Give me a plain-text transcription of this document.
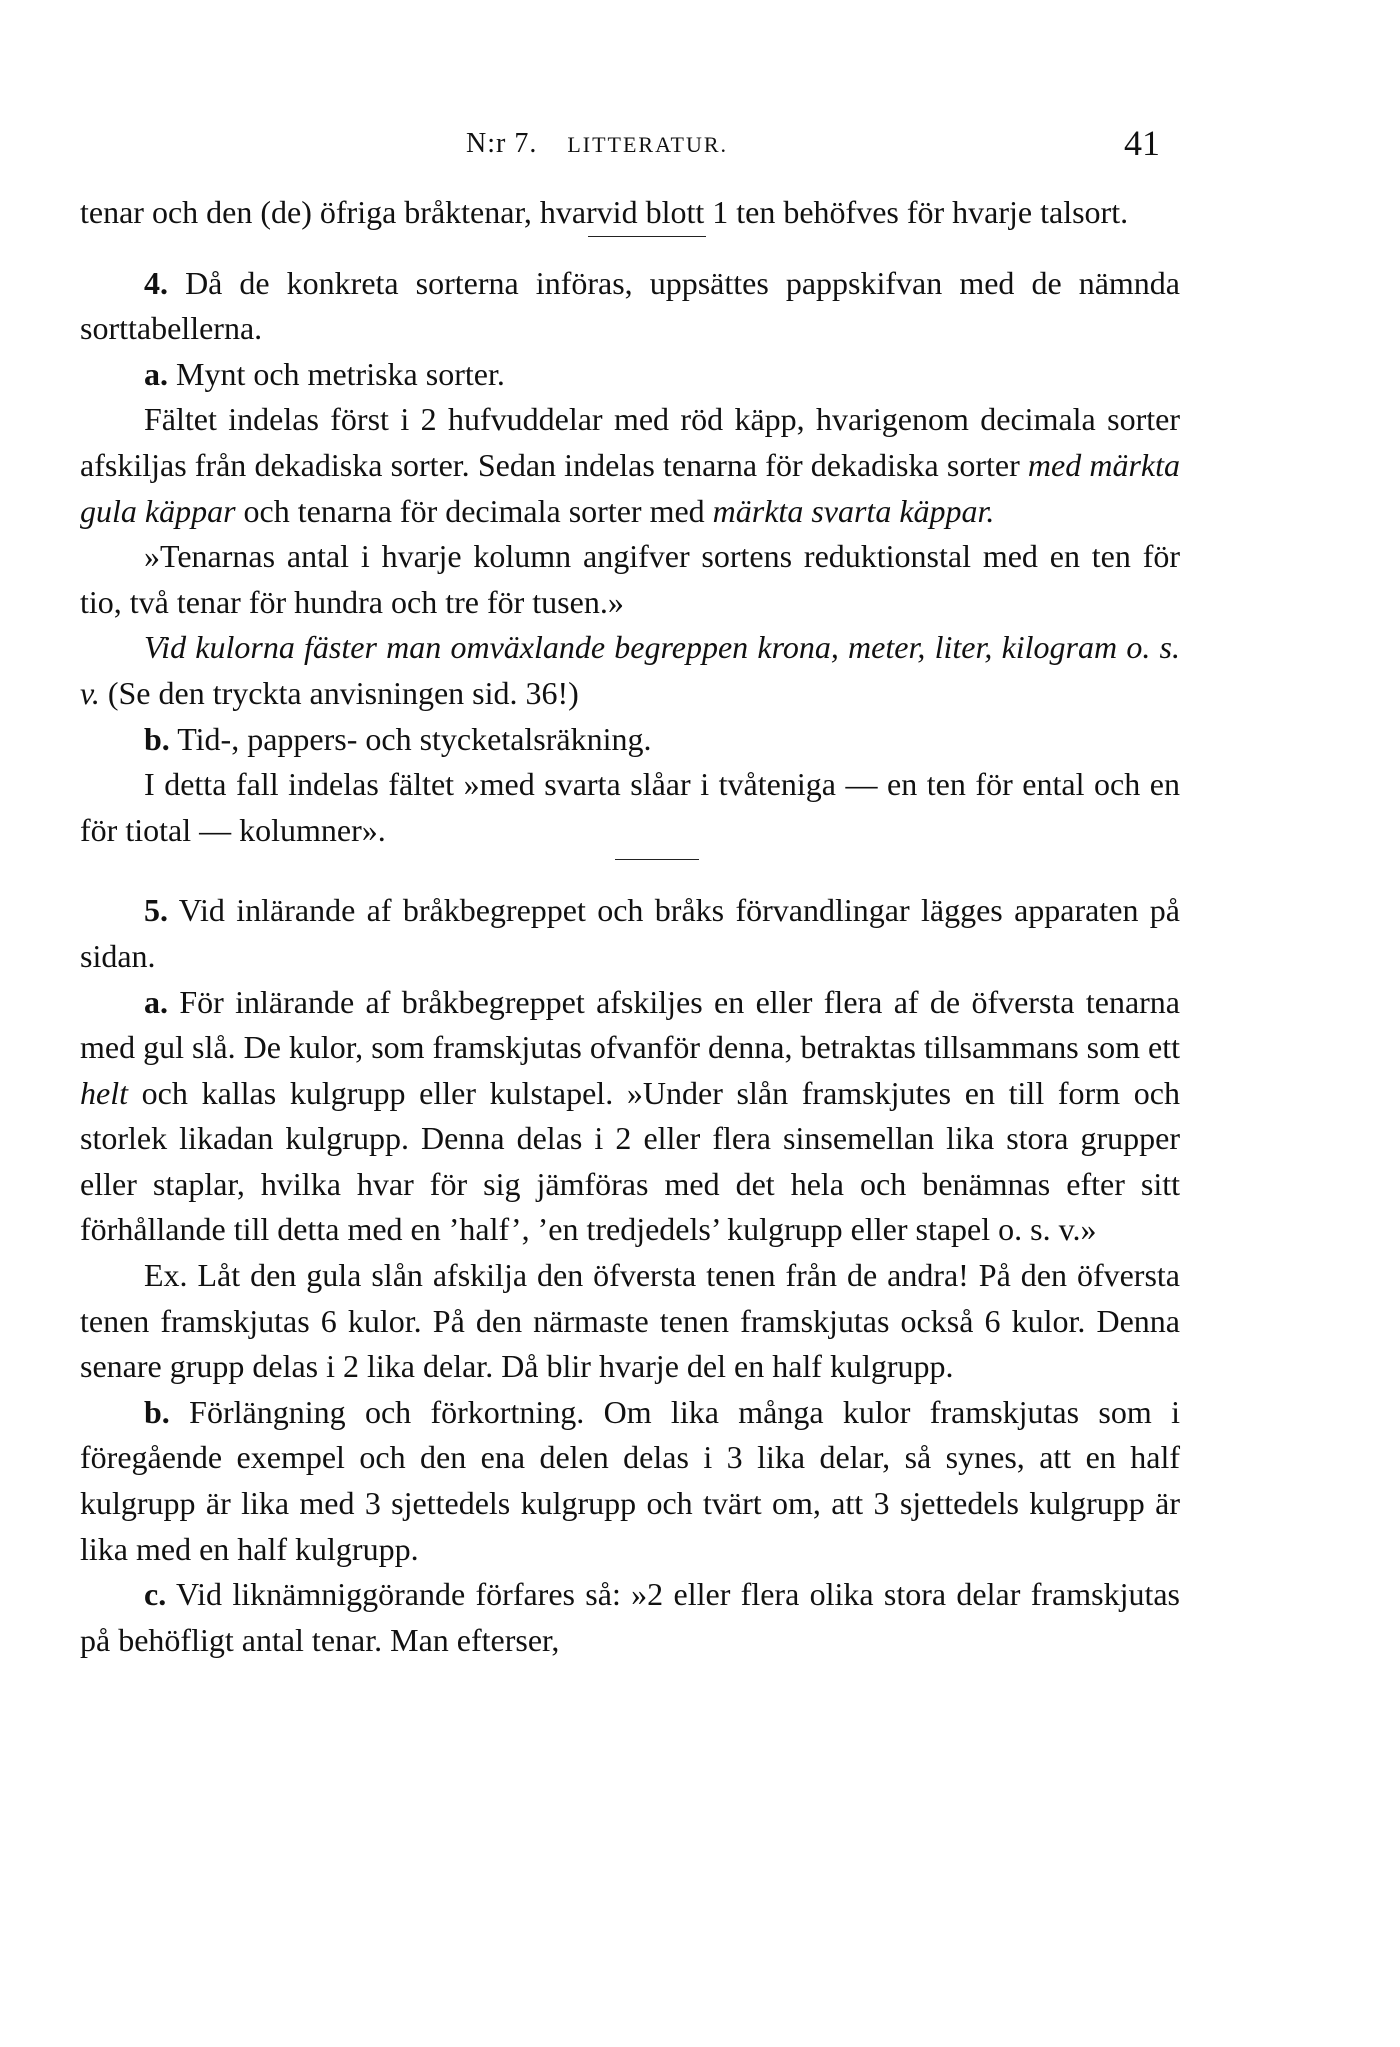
N:r 7. LITTERATUR.	41

tenar och den (de) öfriga bråktenar, hvarvid blott 1 ten behöfves för hvarje talsort.

4. Då de konkreta sorterna införas, uppsättes pappskifvan med de nämnda sorttabellerna.

a. Mynt och metriska sorter.

Fältet indelas först i 2 hufvuddelar med röd käpp, hvarigenom decimala sorter afskiljas från dekadiska sorter. Sedan indelas tenarna för dekadiska sorter med märkta gula käppar och tenarna för decimala sorter med märkta svarta käppar.

»Tenarnas antal i hvarje kolumn angifver sortens reduktionstal med en ten för tio, två tenar för hundra och tre för tusen.»

Vid kulorna fäster man omväxlande begreppen krona, meter, liter, kilogram o. s. v. (Se den tryckta anvisningen sid. 36!)

b. Tid-, pappers- och stycketalsräkning.

I detta fall indelas fältet »med svarta slåar i tvåteniga — en ten för ental och en för tiotal — kolumner».

5. Vid inlärande af bråkbegreppet och bråks förvandlingar lägges apparaten på sidan.

a. För inlärande af bråkbegreppet afskiljes en eller flera af de öfversta tenarna med gul slå. De kulor, som framskjutas ofvanför denna, betraktas tillsammans som ett helt och kallas kulgrupp eller kulstapel. »Under slån framskjutes en till form och storlek likadan kulgrupp. Denna delas i 2 eller flera sinsemellan lika stora grupper eller staplar, hvilka hvar för sig jämföras med det hela och benämnas efter sitt förhållande till detta med en ’half’, ’en tredjedels’ kulgrupp eller stapel o. s. v.»

Ex. Låt den gula slån afskilja den öfversta tenen från de andra! På den öfversta tenen framskjutas 6 kulor. På den närmaste tenen framskjutas också 6 kulor. Denna senare grupp delas i 2 lika delar. Då blir hvarje del en half kulgrupp.

b. Förlängning och förkortning. Om lika många kulor framskjutas som i föregående exempel och den ena delen delas i 3 lika delar, så synes, att en half kulgrupp är lika med 3 sjettedels kulgrupp och tvärt om, att 3 sjettedels kulgrupp är lika med en half kulgrupp.

c. Vid liknämniggörande förfares så: »2 eller flera olika stora delar framskjutas på behöfligt antal tenar. Man efterser,
